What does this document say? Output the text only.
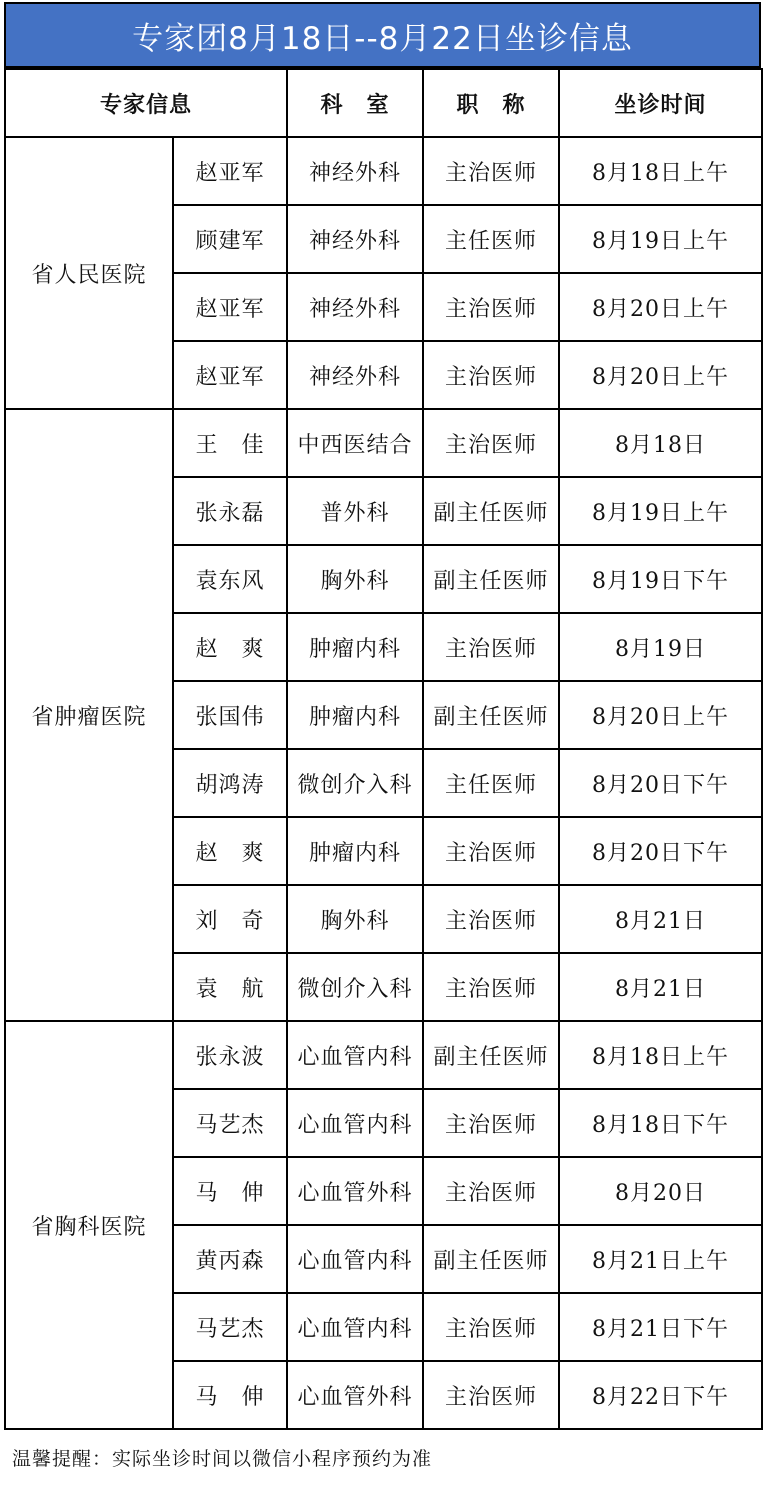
专家团8月18日--8月22日坐诊信息
专家信息		科　室	职　称	坐诊时间
省人民医院	赵亚军	神经外科	主治医师	8月18日上午
	顾建军	神经外科	主任医师	8月19日上午
	赵亚军	神经外科	主治医师	8月20日上午
	赵亚军	神经外科	主治医师	8月20日上午
省肿瘤医院	王　佳	中西医结合	主治医师	8月18日
	张永磊	普外科	副主任医师	8月19日上午
	袁东风	胸外科	副主任医师	8月19日下午
	赵　爽	肿瘤内科	主治医师	8月19日
	张国伟	肿瘤内科	副主任医师	8月20日上午
	胡鸿涛	微创介入科	主任医师	8月20日下午
	赵　爽	肿瘤内科	主治医师	8月20日下午
	刘　奇	胸外科	主治医师	8月21日
	袁　航	微创介入科	主治医师	8月21日
省胸科医院	张永波	心血管内科	副主任医师	8月18日上午
	马艺杰	心血管内科	主治医师	8月18日下午
	马　伸	心血管外科	主治医师	8月20日
	黄丙森	心血管内科	副主任医师	8月21日上午
	马艺杰	心血管内科	主治医师	8月21日下午
	马　伸	心血管外科	主治医师	8月22日下午
温馨提醒：实际坐诊时间以微信小程序预约为准
